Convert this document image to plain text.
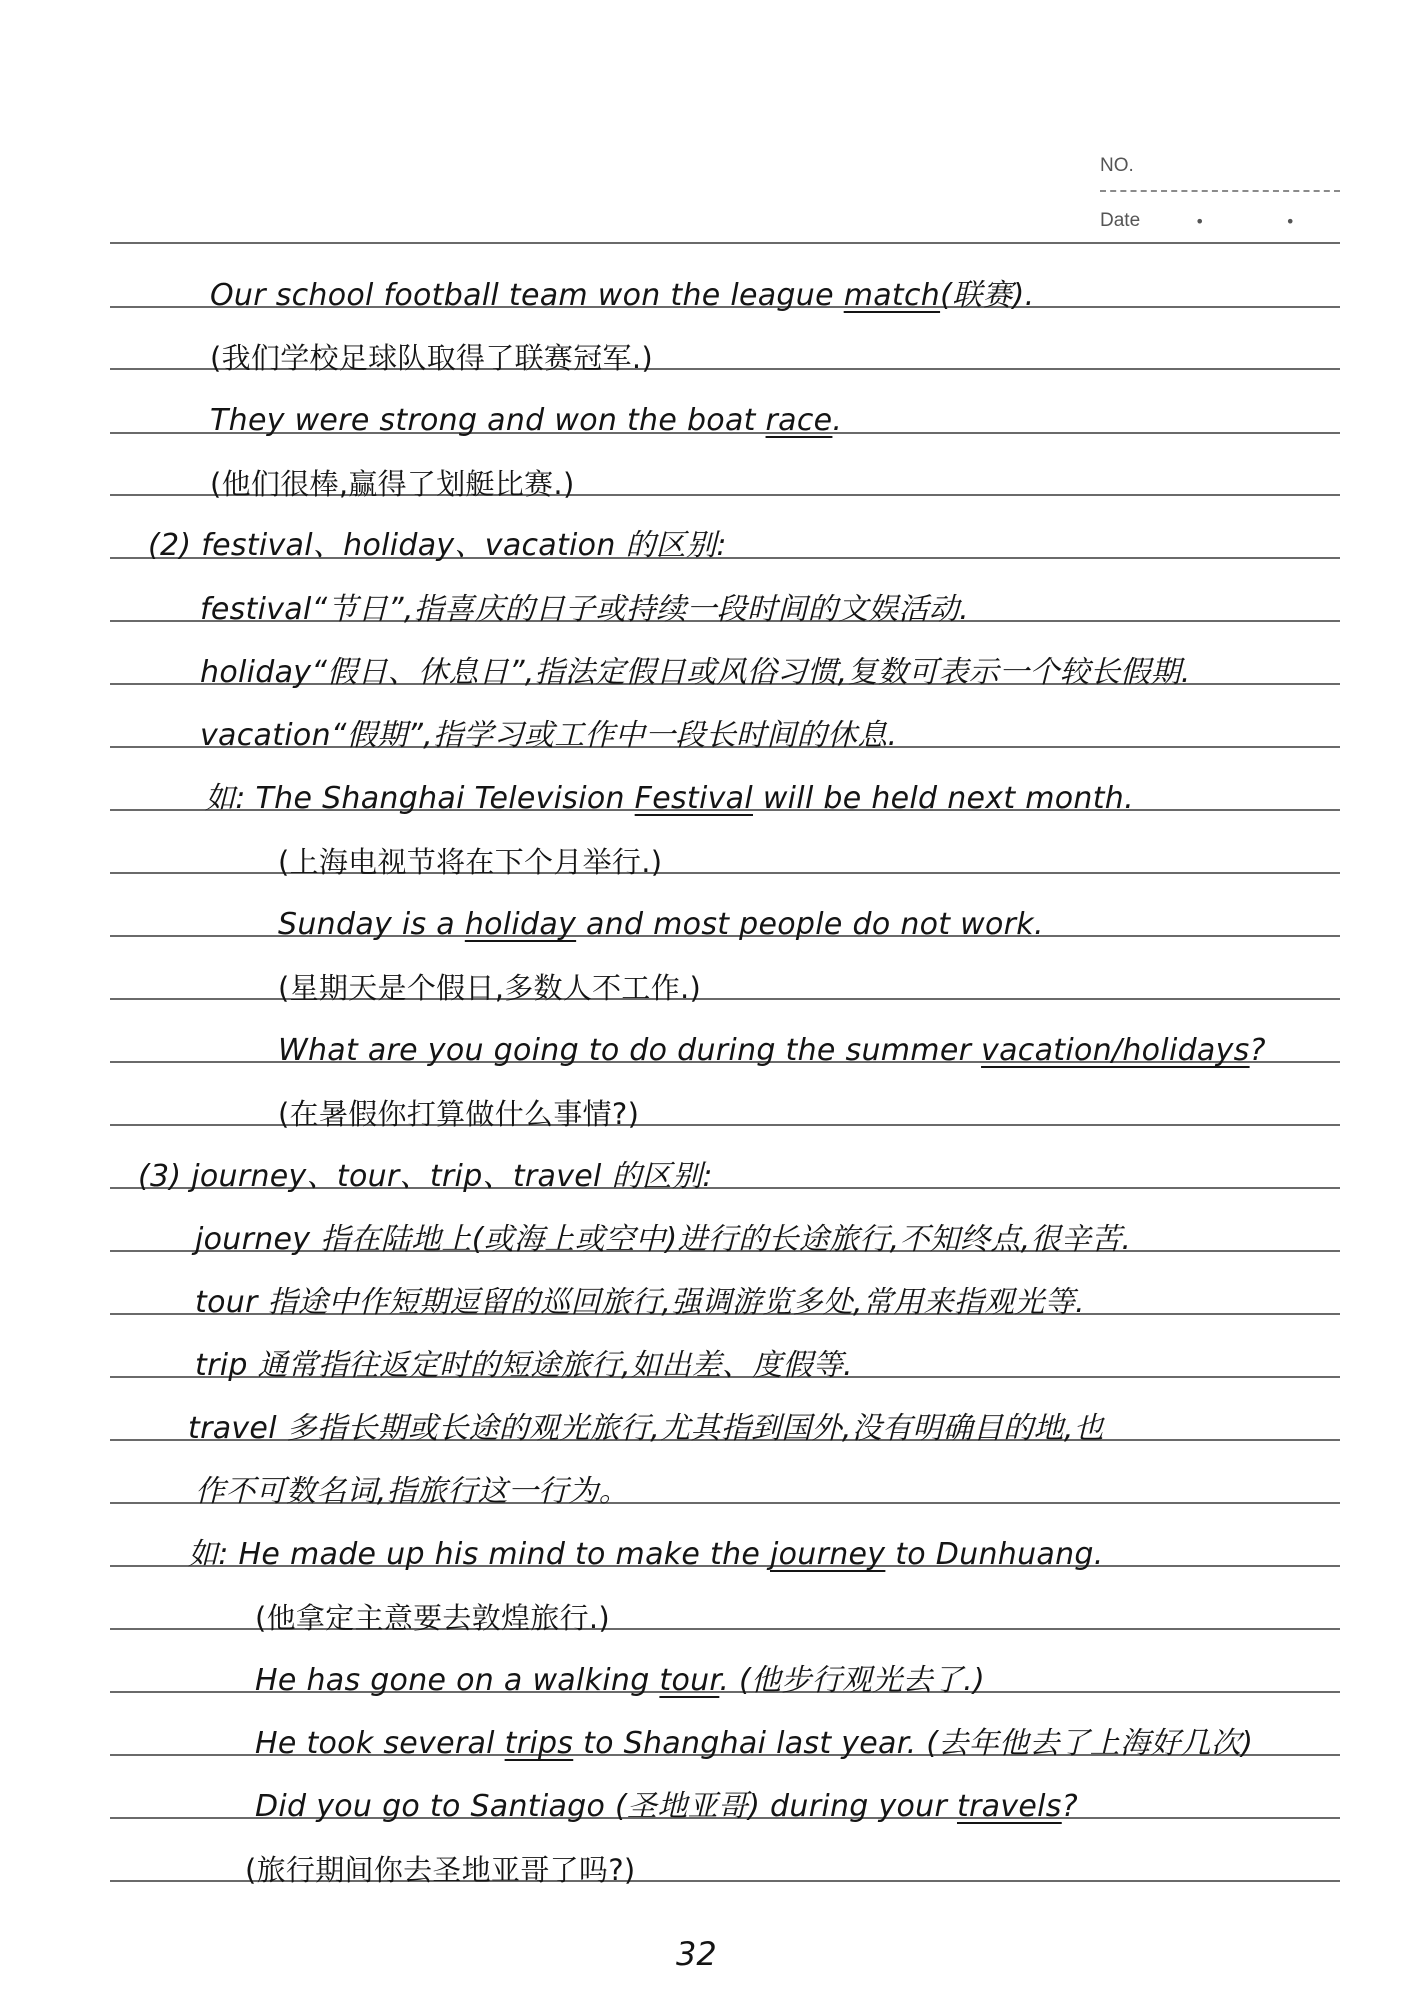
NO.
Date	• •
Our school football team won the league match(联赛).
(我们学校足球队取得了联赛冠军.)
They were strong and won the boat race.
(他们很棒,赢得了划艇比赛.)
(2) festival、holiday、vacation 的区别:
festival“节日”,指喜庆的日子或持续一段时间的文娱活动.
holiday“假日、休息日”,指法定假日或风俗习惯,复数可表示一个较长假期.
vacation“假期”,指学习或工作中一段长时间的休息.
如: The Shanghai Television Festival will be held next month.
(上海电视节将在下个月举行.)
Sunday is a holiday and most people do not work.
(星期天是个假日,多数人不工作.)
What are you going to do during the summer vacation/holidays?
(在暑假你打算做什么事情?)
(3) journey、tour、trip、travel 的区别:
journey 指在陆地上(或海上或空中)进行的长途旅行,不知终点,很辛苦.
tour 指途中作短期逗留的巡回旅行,强调游览多处,常用来指观光等.
trip 通常指往返定时的短途旅行,如出差、度假等.
travel 多指长期或长途的观光旅行,尤其指到国外,没有明确目的地,也
作不可数名词,指旅行这一行为。
如: He made up his mind to make the journey to Dunhuang.
(他拿定主意要去敦煌旅行.)
He has gone on a walking tour. (他步行观光去了.)
He took several trips to Shanghai last year. (去年他去了上海好几次)
Did you go to Santiago (圣地亚哥) during your travels?
(旅行期间你去圣地亚哥了吗?)
32
